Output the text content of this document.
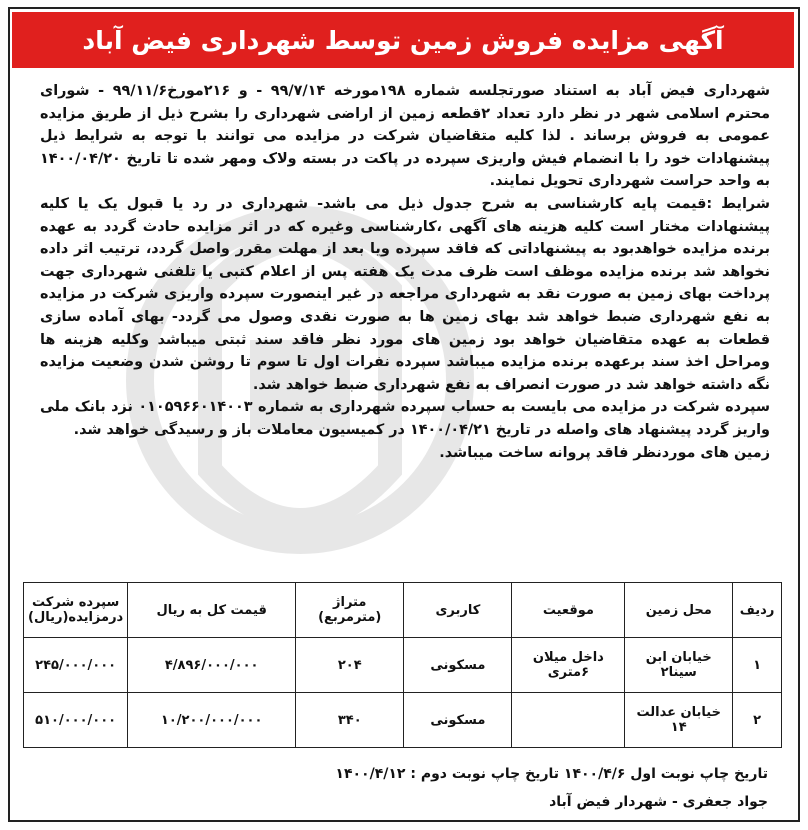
آگهی مزایده فروش زمین توسط شهرداری فیض آباد

شهرداری فیض آباد به استناد صورتجلسه شماره ۱۹۸مورخه ۹۹/۷/۱۴ - و ۲۱۶مورخ۹۹/۱۱/۶ - شورای محترم اسلامی شهر در نظر دارد تعداد ۲قطعه زمین از اراضی شهرداری را بشرح ذیل از طریق مزایده عمومی به فروش برساند . لذا کلیه متقاضیان شرکت در مزایده می توانند با توجه به شرایط ذیل پیشنهادات خود را با انضمام فیش واریزی سپرده در پاکت در بسته ولاک ومهر شده تا تاریخ ۱۴۰۰/۰۴/۲۰ به واحد حراست شهرداری تحویل نمایند.

شرایط :قیمت پایه کارشناسی به شرح جدول ذیل می باشد- شهرداری در رد یا قبول یک یا کلیه پیشنهادات مختار است کلیه هزینه های آگهی ،کارشناسی وغیره که در اثر مزایده حادث گردد به عهده برنده مزایده خواهدبود به پیشنهاداتی که فاقد سپرده ویا بعد از مهلت مقرر واصل گردد، ترتیب اثر داده نخواهد شد برنده مزایده موظف است ظرف مدت یک هفته پس از اعلام کتبی یا تلفنی شهرداری جهت پرداخت بهای زمین به صورت نقد به شهرداری مراجعه در غیر اینصورت سپرده واریزی شرکت در مزایده به نفع شهرداری ضبط خواهد شد بهای زمین ها به صورت نقدی وصول می گردد- بهای آماده سازی قطعات به عهده متقاضیان خواهد بود زمین های مورد نظر فاقد سند ثبتی میباشد وکلیه هزینه ها ومراحل اخذ سند برعهده برنده مزایده میباشد سپرده نفرات اول تا سوم تا روشن شدن وضعیت مزایده نگه داشته خواهد شد در صورت انصراف به نفع شهرداری ضبط خواهد شد.

سپرده شرکت در مزایده می بایست به حساب سپرده شهرداری به شماره ۰۱۰۵۹۶۶۰۱۴۰۰۳ نزد بانک ملی واریز گردد پیشنهاد های واصله در تاریخ ۱۴۰۰/۰۴/۲۱ در کمیسیون معاملات باز و رسیدگی خواهد شد.

زمین های موردنظر فاقد پروانه ساخت میباشد.

ردیف	محل زمین	موقعیت	کاربری	متراژ (مترمربع)	قیمت کل به ریال	سپرده شرکت درمزایده(ریال)
۱	خیابان ابن سینا۲	داخل میلان ۶متری	مسکونی	۲۰۴	۴/۸۹۶/۰۰۰/۰۰۰	۲۴۵/۰۰۰/۰۰۰
۲	خیابان عدالت ۱۴		مسکونی	۳۴۰	۱۰/۲۰۰/۰۰۰/۰۰۰	۵۱۰/۰۰۰/۰۰۰
تاریخ چاپ نوبت اول ۱۴۰۰/۴/۶ تاریخ چاپ نوبت دوم : ۱۴۰۰/۴/۱۲
جواد جعفری - شهردار فیض آباد
